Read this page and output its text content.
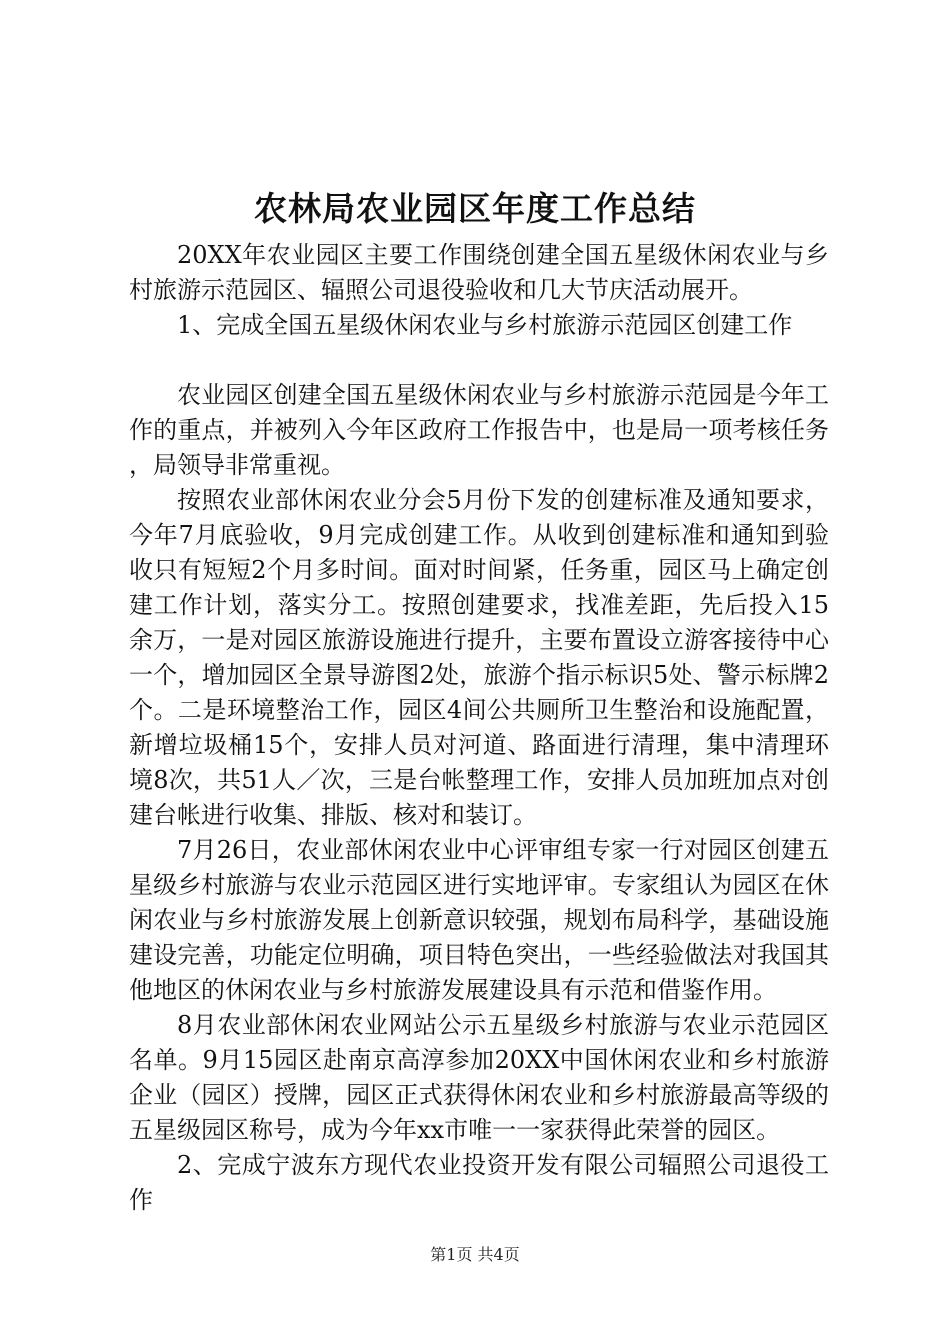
农林局农业园区年度工作总结

20XX年农业园区主要工作围绕创建全国五星级休闲农业与乡村旅游示范园区、辐照公司退役验收和几大节庆活动展开。

1、完成全国五星级休闲农业与乡村旅游示范园区创建工作

农业园区创建全国五星级休闲农业与乡村旅游示范园是今年工作的重点，并被列入今年区政府工作报告中，也是局一项考核任务，局领导非常重视。

按照农业部休闲农业分会5月份下发的创建标准及通知要求，今年7月底验收，9月完成创建工作。从收到创建标准和通知到验收只有短短2个月多时间。面对时间紧，任务重，园区马上确定创建工作计划，落实分工。按照创建要求，找准差距，先后投入15余万，一是对园区旅游设施进行提升，主要布置设立游客接待中心一个，增加园区全景导游图2处，旅游个指示标识5处、警示标牌2个。二是环境整治工作，园区4间公共厕所卫生整治和设施配置，新增垃圾桶15个，安排人员对河道、路面进行清理，集中清理环境8次，共51人／次，三是台帐整理工作，安排人员加班加点对创建台帐进行收集、排版、核对和装订。

7月26日，农业部休闲农业中心评审组专家一行对园区创建五星级乡村旅游与农业示范园区进行实地评审。专家组认为园区在休闲农业与乡村旅游发展上创新意识较强，规划布局科学，基础设施建设完善，功能定位明确，项目特色突出，一些经验做法对我国其他地区的休闲农业与乡村旅游发展建设具有示范和借鉴作用。

8月农业部休闲农业网站公示五星级乡村旅游与农业示范园区名单。9月15园区赴南京高淳参加20XX中国休闲农业和乡村旅游企业（园区）授牌，园区正式获得休闲农业和乡村旅游最高等级的五星级园区称号，成为今年xx市唯一一家获得此荣誉的园区。

2、完成宁波东方现代农业投资开发有限公司辐照公司退役工作

第1页 共4页
